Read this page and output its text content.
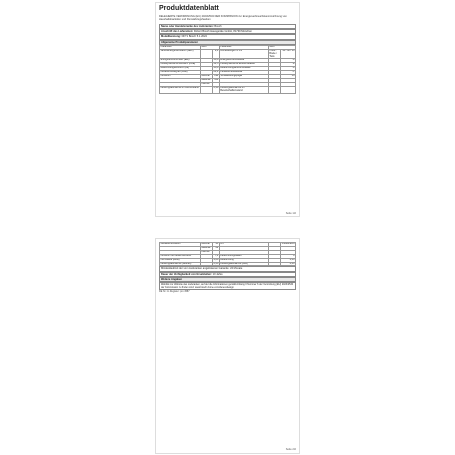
Produktdatenblatt
DELEGIERTE VERORDNUNG (EU) 2023/2534 DER KOMMISSION zur Energieverbrauchskennzeichnung von Haushaltsbackofen und Dunstabzugshauben
Name oder Handelsmarke des Lieferanten: Bosch
Anschrift des Lieferanten: Robert Bosch Hausgeräte GmbH, 81739 München
Modellkennung: DFT1 Bosch 5.1.2024
Allgemeine Produktparameter
Parameter	Wert		Parameter	Wert	
Jahresenergieverbrauch (AEC)		8,6	Abmessungen in cm	Höhe / Breite / Tiefe	43 / 60 / 30
Energieeffizienzindex (EEI)		39,8	Energieeffizienzklasse		A
Fluiddynamische Effizienz (FDE)		32,5	Fluiddynamische Effizienzklasse		B
Beleuchtungseffizienz (LE)		28,0	Beleuchtungseffizienzklasse		A
Fettabscheidegrad (GFE)		82,2	Fettabscheideklasse		C
Luftstrom	Minimal	190	Schallleistungspegel		56
	Maximal	350			
	Intensiv				
Leistungsaufnahme im Aus-Zustand		0,49	Leistungsaufnahme im Bereitschaftszustand		
Seite 1/2
Geräuschemission	Minimal	45	Art		Freistehend
	Maximal	62			
	Intensiv				
Luftstrom bei bester Effizienz		7,4	Zeiterhöhungsfaktor		0
Lichtstärke (Mitte)		2,00	Beleuchtung		0,00
Leistungsaufnahme (Betrieb)		0,30	Leistungsaufnahme (Aus)		0,00
Mindestlaufzeit der vom Lieferanten angebotenen Garantie: 24 Monate
Dauer der Verfügbarkeit von Ersatzteilen: 10 Jahre
Weitere Angaben
Weblink zur Website des Lieferanten, auf der die Informationen gemäß Anhang II Nummer 6 der Verordnung (EU) 2023/2534 der Kommission zu finden sind: www.bosch-home.com/de/ecodesign
DE Nr. im Register: pro 4587
Seite 2/2
